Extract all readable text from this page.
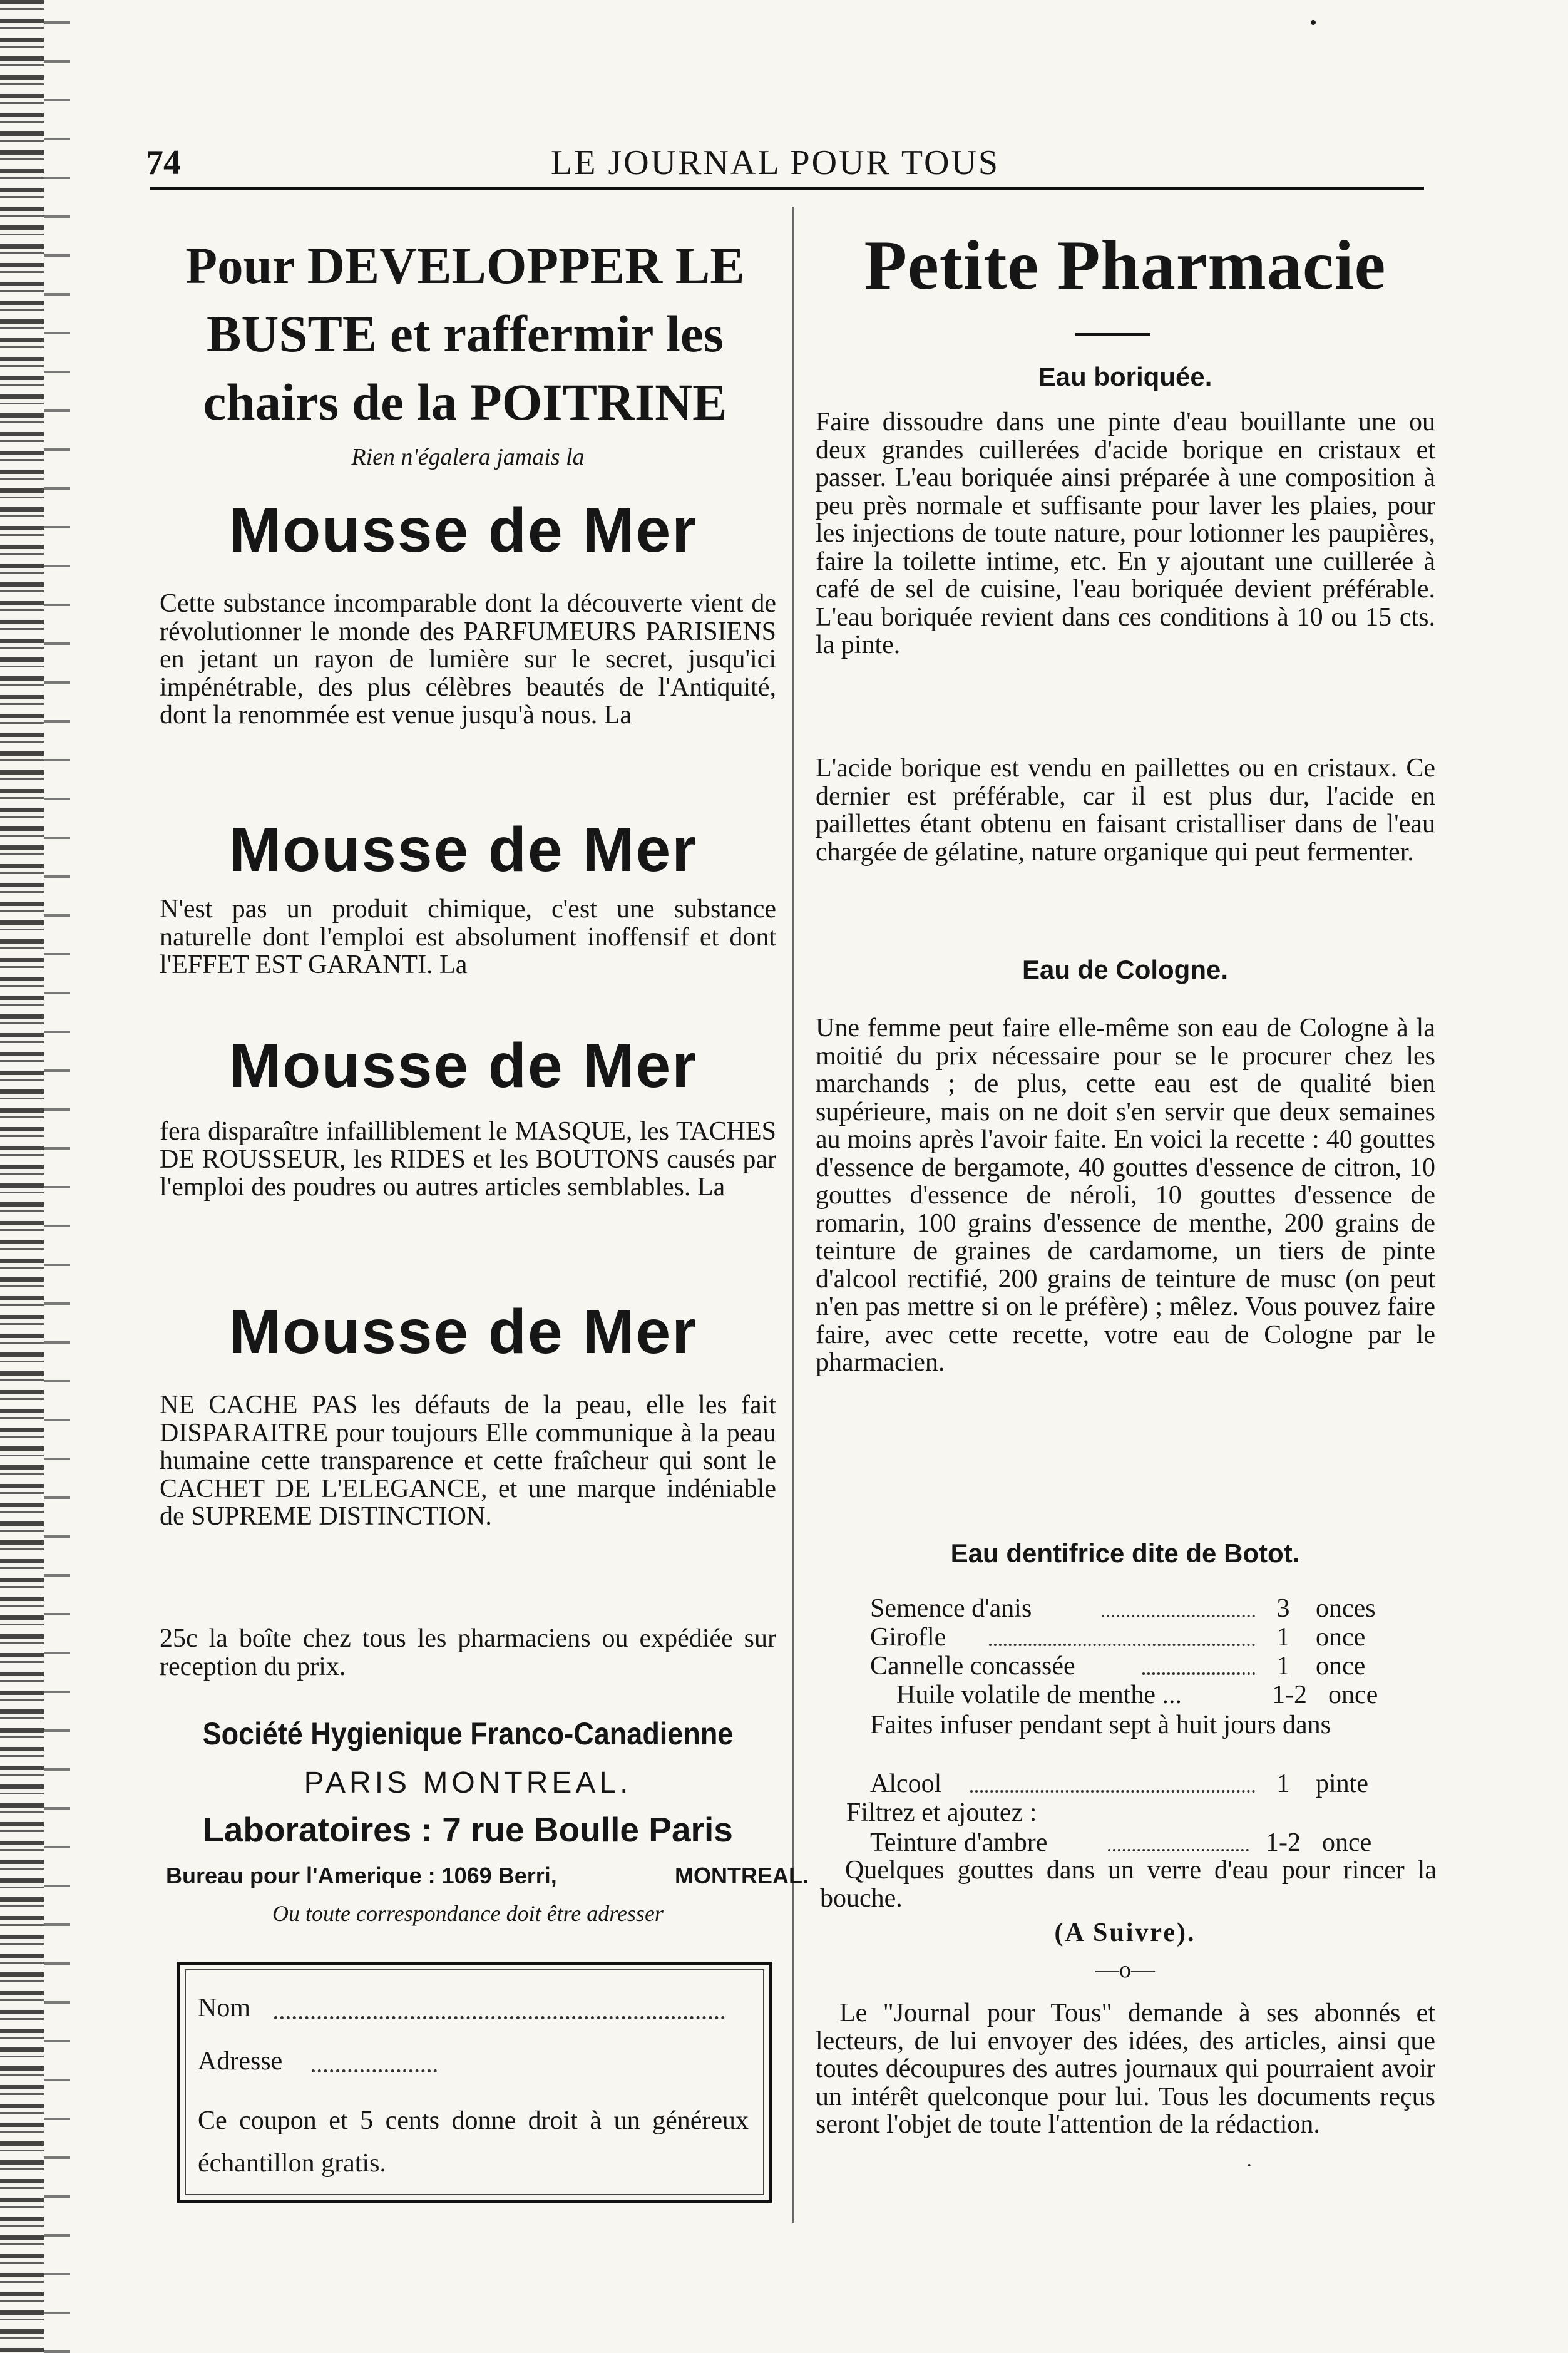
74	LE JOURNAL POUR TOUS
Pour DEVELOPPER LE BUSTE et raffermir les chairs de la POITRINE
Rien n'égalera jamais la
Mousse de Mer
Cette substance incomparable dont la découverte vient de révolutionner le monde des PARFUMEURS PARISIENS en jetant un rayon de lumière sur le secret, jusqu'ici impénétrable, des plus célèbres beautés de l'Antiquité, dont la renommée est venue jusqu'à nous. La
Mousse de Mer
N'est pas un produit chimique, c'est une substance naturelle dont l'emploi est absolument inoffensif et dont l'EFFET EST GARANTI. La
Mousse de Mer
fera disparaître infailliblement le MASQUE, les TACHES DE ROUSSEUR, les RIDES et les BOUTONS causés par l'emploi des poudres ou autres articles semblables. La
Mousse de Mer
NE CACHE PAS les défauts de la peau, elle les fait DISPARAITRE pour toujours Elle communique à la peau humaine cette transparence et cette fraîcheur qui sont le CACHET DE L'ELEGANCE, et une marque indéniable de SUPREME DISTINCTION.
25c la boîte chez tous les pharmaciens ou expédiée sur reception du prix.
Société Hygienique Franco-Canadienne
PARIS MONTREAL.
Laboratoires : 7 rue Boulle Paris
Bureau pour l'Amerique : 1069 Berri,	MONTREAL.
Ou toute correspondance doit être adresser
Nom
Adresse
Ce coupon et 5 cents donne droit à un généreux échantillon gratis.
Petite Pharmacie
Eau boriquée.
Faire dissoudre dans une pinte d'eau bouillante une ou deux grandes cuillerées d'acide borique en cristaux et passer. L'eau boriquée ainsi préparée à une composition à peu près normale et suffisante pour laver les plaies, pour les injections de toute nature, pour lotionner les paupières, faire la toilette intime, etc. En y ajoutant une cuillerée à café de sel de cuisine, l'eau boriquée devient préférable. L'eau boriquée revient dans ces conditions à 10 ou 15 cts. la pinte.
L'acide borique est vendu en paillettes ou en cristaux. Ce dernier est préférable, car il est plus dur, l'acide en paillettes étant obtenu en faisant cristalliser dans de l'eau chargée de gélatine, nature organique qui peut fermenter.
Eau de Cologne.
Une femme peut faire elle-même son eau de Cologne à la moitié du prix nécessaire pour se le procurer chez les marchands ; de plus, cette eau est de qualité bien supérieure, mais on ne doit s'en servir que deux semaines au moins après l'avoir faite. En voici la recette : 40 gouttes d'essence de bergamote, 40 gouttes d'essence de citron, 10 gouttes d'essence de néroli, 10 gouttes d'essence de romarin, 100 grains d'essence de menthe, 200 grains de teinture de graines de cardamome, un tiers de pinte d'alcool rectifié, 200 grains de teinture de musc (on peut n'en pas mettre si on le préfère) ; mêlez. Vous pouvez faire faire, avec cette recette, votre eau de Cologne par le pharmacien.
Eau dentifrice dite de Botot.
Semence d'anis	3 onces
Girofle	1 once
Cannelle concassée	1 once
Huile volatile de menthe ...	1-2 once
Faites infuser pendant sept à huit jours dans
Alcool	1 pinte
Filtrez et ajoutez :
Teinture d'ambre	1-2 once
Quelques gouttes dans un verre d'eau pour rincer la bouche.
(A Suivre).
—o—
Le "Journal pour Tous" demande à ses abonnés et lecteurs, de lui envoyer des idées, des articles, ainsi que toutes découpures des autres journaux qui pourraient avoir un intérêt quelconque pour lui. Tous les documents reçus seront l'objet de toute l'attention de la rédaction.
•
·
